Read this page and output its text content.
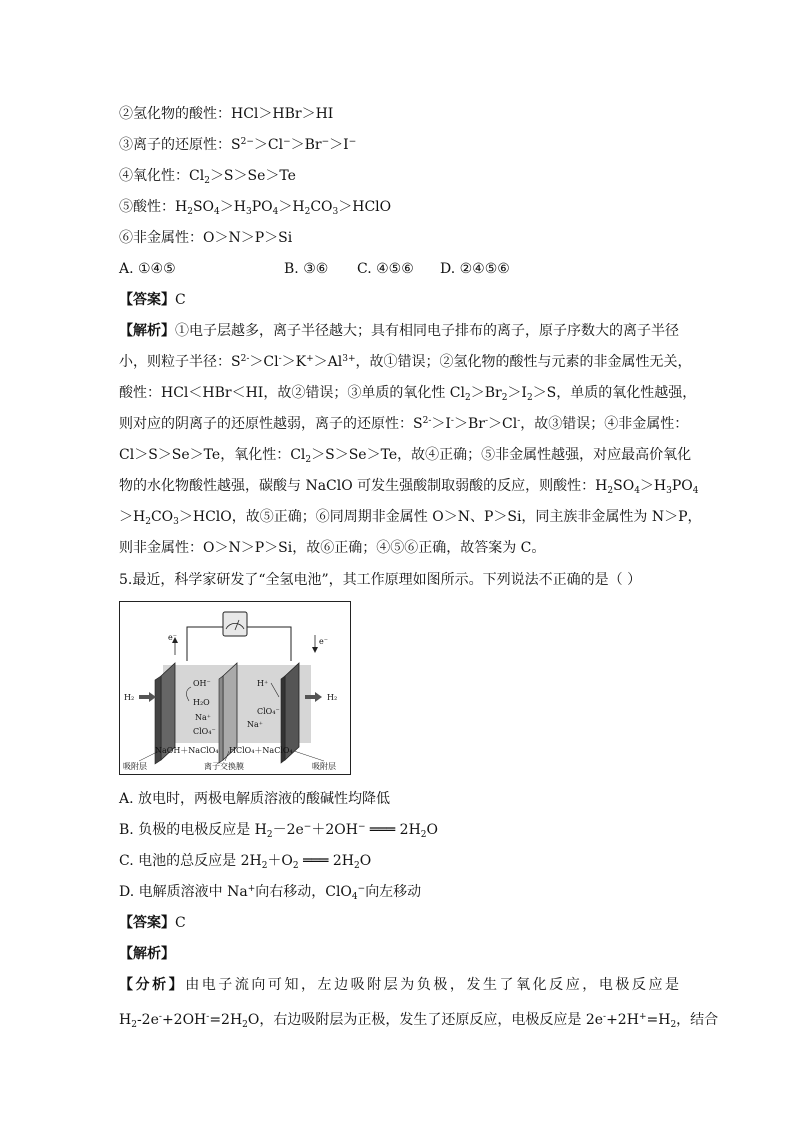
②氢化物的酸性：HCl＞HBr＞HI
③离子的还原性：$S^{2-}>Cl^->Br^->I^-$
④氧化性：$Cl_2>S>Se>Te$
⑤酸性：$H_2SO_4>H_3PO_4>H_2CO_3>HClO$
⑥非金属性：O＞N＞P＞Si
A. ①④⑤	B. ③⑥ C. ④⑤⑥ D. ②④⑤⑥
【答案】C
【解析】①电子层越多，离子半径越大；具有相同电子排布的离子，原子序数大的离子半径
小，则粒子半径：$S^{2-}>Cl^->K^+>Al^{3+}$，故①错误；②氢化物的酸性与元素的非金属性无关，
酸性：HCl＜HBr＜HI，故②错误；③单质的氧化性 $Cl_2>Br_2>I_2>S$，单质的氧化性越强，
则对应的阴离子的还原性越弱，离子的还原性：$S^{2-}>I^->Br^->Cl^-$，故③错误；④非金属性：
Cl＞S＞Se＞Te，氧化性：$Cl_2>S>Se>Te$，故④正确；⑤非金属性越强，对应最高价氧化
物的水化物酸性越强，碳酸与 NaClO 可发生强酸制取弱酸的反应，则酸性：$H_2SO_4>H_3PO_4$
$>H_2CO_3>HClO$，故⑤正确；⑥同周期非金属性 O＞N、P＞Si，同主族非金属性为 N＞P，
则非金属性：O＞N＞P＞Si，故⑥正确；④⑤⑥正确，故答案为 C。
5.最近，科学家研发了“全氢电池”，其工作原理如图所示。下列说法不正确的是（ ）
e⁻	e⁻
H₂	H₂
OH⁻
H₂O
Na⁺
ClO₄⁻
H⁺
ClO₄⁻
Na⁺
NaOH＋NaClO₄ HClO₄＋NaClO₄
吸附层	离子交换膜	吸附层
A. 放电时，两极电解质溶液的酸碱性均降低
B. 负极的电极反应是 $H_2-2e^-+2OH^-$ ═══ $2H_2O$
C. 电池的总反应是 $2H_2+O_2$ ═══ $2H_2O$
D. 电解质溶液中 Na+向右移动，ClO$_4$−向左移动
【答案】C
【解析】
【分析】由电子流向可知，左边吸附层为负极，发生了氧化反应，电极反应是
$H_2-2e^-+2OH^-=2H_2O$，右边吸附层为正极，发生了还原反应，电极反应是 $2e^-+2H^+=H_2$，结合
